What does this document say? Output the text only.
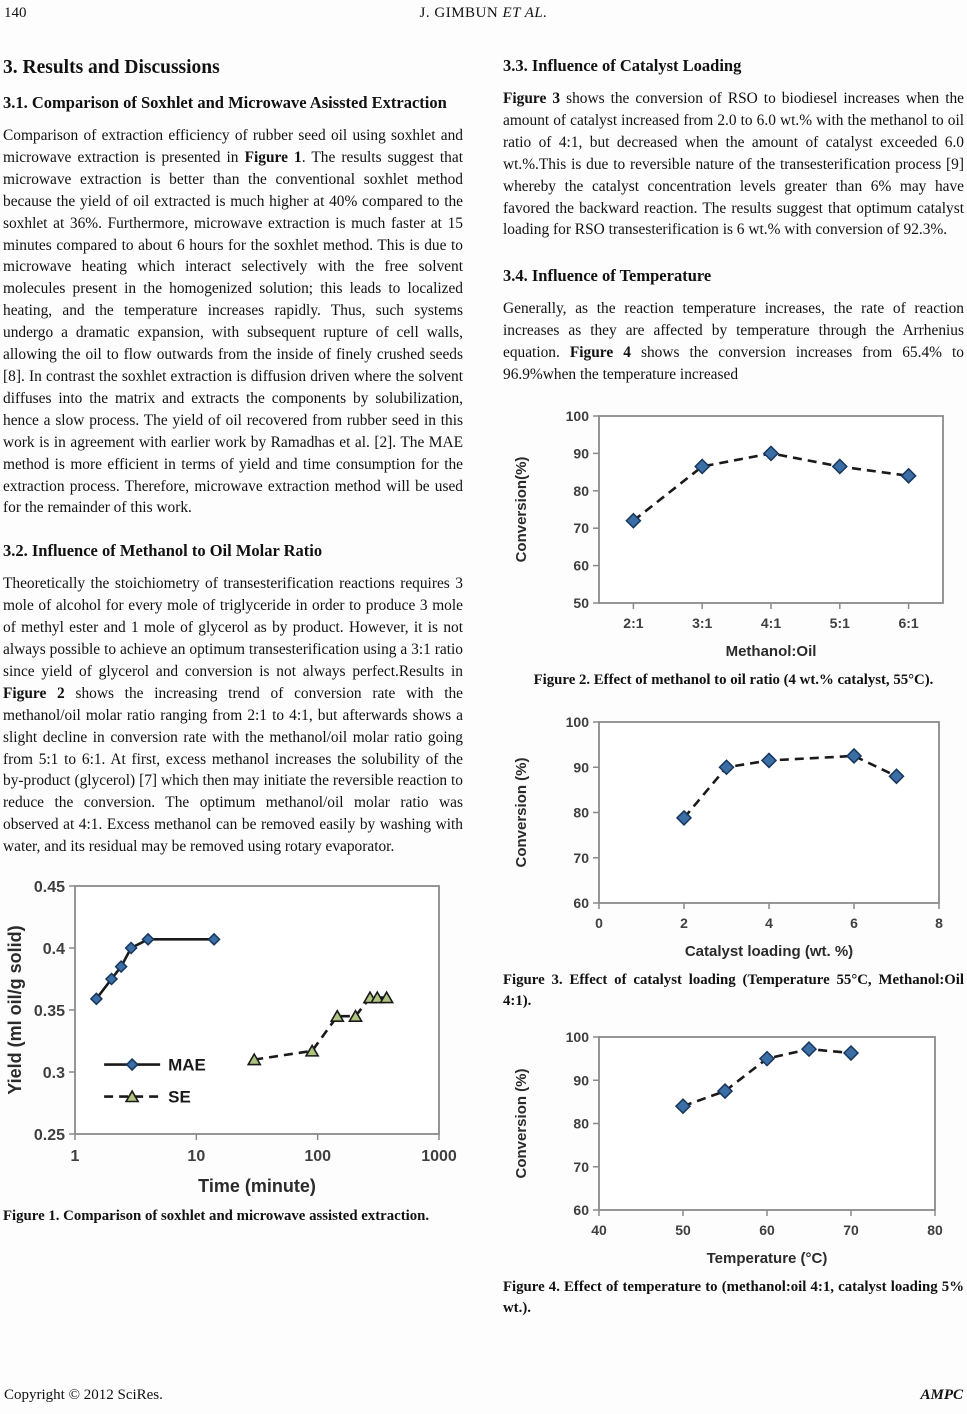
140	J. GIMBUN ET AL.
3. Results and Discussions
3.1. Comparison of Soxhlet and Microwave Asissted Extraction

Comparison of extraction efficiency of rubber seed oil using soxhlet and microwave extraction is presented in Figure 1. The results suggest that microwave extraction is better than the conventional soxhlet method because the yield of oil extracted is much higher at 40% compared to the soxhlet at 36%. Furthermore, microwave extraction is much faster at 15 minutes compared to about 6 hours for the soxhlet method. This is due to microwave heating which interact selectively with the free solvent molecules present in the homogenized solution; this leads to localized heating, and the temperature increases rapidly. Thus, such systems undergo a dramatic expansion, with subsequent rupture of cell walls, allowing the oil to flow outwards from the inside of finely crushed seeds [8]. In contrast the soxhlet extraction is diffusion driven where the solvent diffuses into the matrix and extracts the components by solubilization, hence a slow process. The yield of oil recovered from rubber seed in this work is in agreement with earlier work by Ramadhas et al. [2]. The MAE method is more efficient in terms of yield and time consumption for the extraction process. Therefore, microwave extraction method will be used for the remainder of this work.

3.2. Influence of Methanol to Oil Molar Ratio

Theoretically the stoichiometry of transesterification reactions requires 3 mole of alcohol for every mole of triglyceride in order to produce 3 mole of methyl ester and 1 mole of glycerol as by product. However, it is not always possible to achieve an optimum transesterification using a 3:1 ratio since yield of glycerol and conversion is not always perfect.Results in Figure 2 shows the increasing trend of conversion rate with the methanol/oil molar ratio ranging from 2:1 to 4:1, but afterwards shows a slight decline in conversion rate with the methanol/oil molar ratio going from 5:1 to 6:1. At first, excess methanol increases the solubility of the by-product (glycerol) [7] which then may initiate the reversible reaction to reduce the conversion. The optimum methanol/oil molar ratio was observed at 4:1. Excess methanol can be removed easily by washing with water, and its residual may be removed using rotary evaporator.

0.25
0.3
0.35
0.4
0.45
1	10	100	1000
Time (minute)
Yield (ml oil/g solid)	MAE
SE

Figure 1. Comparison of soxhlet and microwave assisted extraction.

3.3. Influence of Catalyst Loading

Figure 3 shows the conversion of RSO to biodiesel increases when the amount of catalyst increased from 2.0 to 6.0 wt.% with the methanol to oil ratio of 4:1, but decreased when the amount of catalyst exceeded 6.0 wt.%.This is due to reversible nature of the transesterification process [9] whereby the catalyst concentration levels greater than 6% may have favored the backward reaction. The results suggest that optimum catalyst loading for RSO transesterification is 6 wt.% with conversion of 92.3%.

3.4. Influence of Temperature

Generally, as the reaction temperature increases, the rate of reaction increases as they are affected by temperature through the Arrhenius equation. Figure 4 shows the conversion increases from 65.4% to 96.9%when the temperature increased

50
60
70
80
90
100
2:1	3:1	4:1	5:1	6:1
Methanol:Oil
Conversion(%)

Figure 2. Effect of methanol to oil ratio (4 wt.% catalyst, 55°C).

60
70
80
90
100
0	2	4	6	8
Catalyst loading (wt. %)
Conversion (%)

Figure 3. Effect of catalyst loading (Temperature 55°C, Methanol:Oil 4:1).

60
70
80
90
100
40	50	60	70	80
Temperature (°C)
Conversion (%)

Figure 4. Effect of temperature to (methanol:oil 4:1, catalyst loading 5% wt.).

Copyright © 2012 SciRes.	AMPC
